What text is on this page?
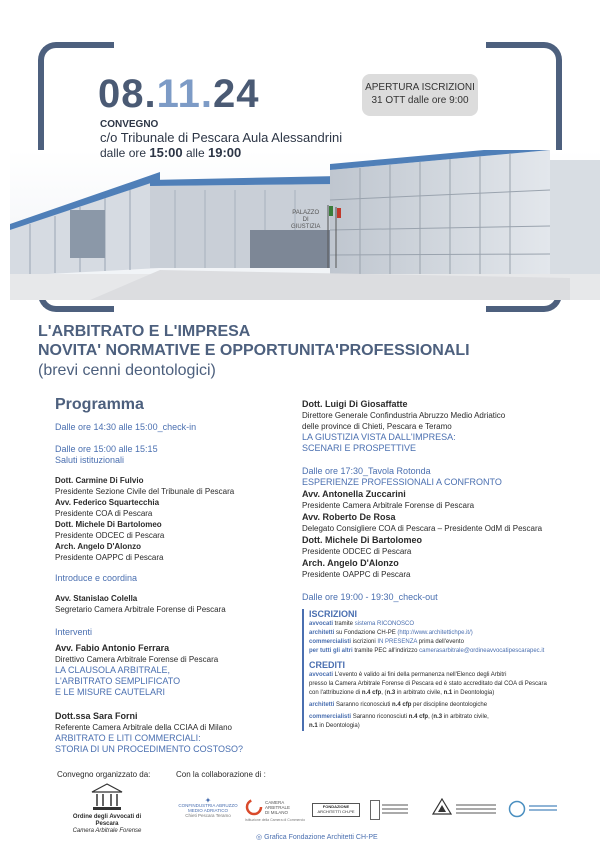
PALAZZO
DI
GIUSTIZIA
08.11.24
CONVEGNO
c/o Tribunale di Pescara Aula Alessandrini
dalle ore 15:00 alle 19:00
APERTURA ISCRIZIONI
31 OTT dalle ore 9:00
L'ARBITRATO E L'IMPRESA
NOVITA' NORMATIVE E OPPORTUNITA'PROFESSIONALI
(brevi cenni deontologici)
Programma
Dalle ore 14:30 alle 15:00_check-in
Dalle ore 15:00 alle 15:15
Saluti istituzionali
Dott. Carmine Di Fulvio
Presidente Sezione Civile del Tribunale di Pescara
Avv. Federico Squartecchia
Presidente COA di Pescara
Dott. Michele Di Bartolomeo
Presidente ODCEC di Pescara
Arch. Angelo D'Alonzo
Presidente OAPPC di Pescara
Introduce e coordina
Avv. Stanislao Colella
Segretario Camera Arbitrale Forense di Pescara
Interventi
Avv. Fabio Antonio Ferrara
Direttivo Camera Arbitrale Forense di Pescara
LA CLAUSOLA ARBITRALE,
L'ARBITRATO SEMPLIFICATO
E LE MISURE CAUTELARI
Dott.ssa Sara Forni
Referente Camera Arbitrale della CCIAA di Milano
ARBITRATO E LITI COMMERCIALI:
STORIA DI UN PROCEDIMENTO COSTOSO?
Dott. Luigi Di Giosaffatte
Direttore Generale Confindustria Abruzzo Medio Adriatico
delle province di Chieti, Pescara e Teramo
LA GIUSTIZIA VISTA DALL'IMPRESA:
SCENARI E PROSPETTIVE
Dalle ore 17:30_Tavola Rotonda
ESPERIENZE PROFESSIONALI A CONFRONTO
Avv. Antonella Zuccarini
Presidente Camera Arbitrale Forense di Pescara
Avv. Roberto De Rosa
Delegato Consigliere COA di Pescara – Presidente OdM di Pescara
Dott. Michele Di Bartolomeo
Presidente ODCEC di Pescara
Arch. Angelo D'Alonzo
Presidente OAPPC di Pescara
Dalle ore 19:00 - 19:30_check-out
ISCRIZIONI
avvocati tramite sistema RICONOSCO
architetti su Fondazione CH-PE (http://www.architettichpe.it/)
commercialisti iscrizioni IN PRESENZA prima dell'evento
per tutti gli altri tramite PEC all'indirizzo camerasarbitrale@ordineavvocatipescarapec.it
CREDITI
avvocati L'evento è valido ai fini della permanenza nell'Elenco degli Arbitri
presso la Camera Arbitrale Forense di Pescara ed è stato accreditato dal COA di Pescara
con l'attribuzione di n.4 cfp, (n.3 in arbitrato civile, n.1 in Deontologia)
architetti Saranno riconosciuti n.4 cfp per discipline deontologiche
commercialisti Saranno riconosciuti n.4 cfp, (n.3 in arbitrato civile,
n.1 in Deontologia)
Convegno organizzato da:	Con la collaborazione di :
Ordine degli Avvocati di Pescara
Camera Arbitrale Forense
✦
CONFINDUSTRIA ABRUZZO
MEDIO ADRIATICO
Chieti Pescara Teramo
CAMERA
ARBITRALE
DI MILANO
Istituzione della Camera di Commercio
FONDAZIONE
ARCHITETTI CH-PE
◎ Grafica Fondazione Architetti CH-PE
